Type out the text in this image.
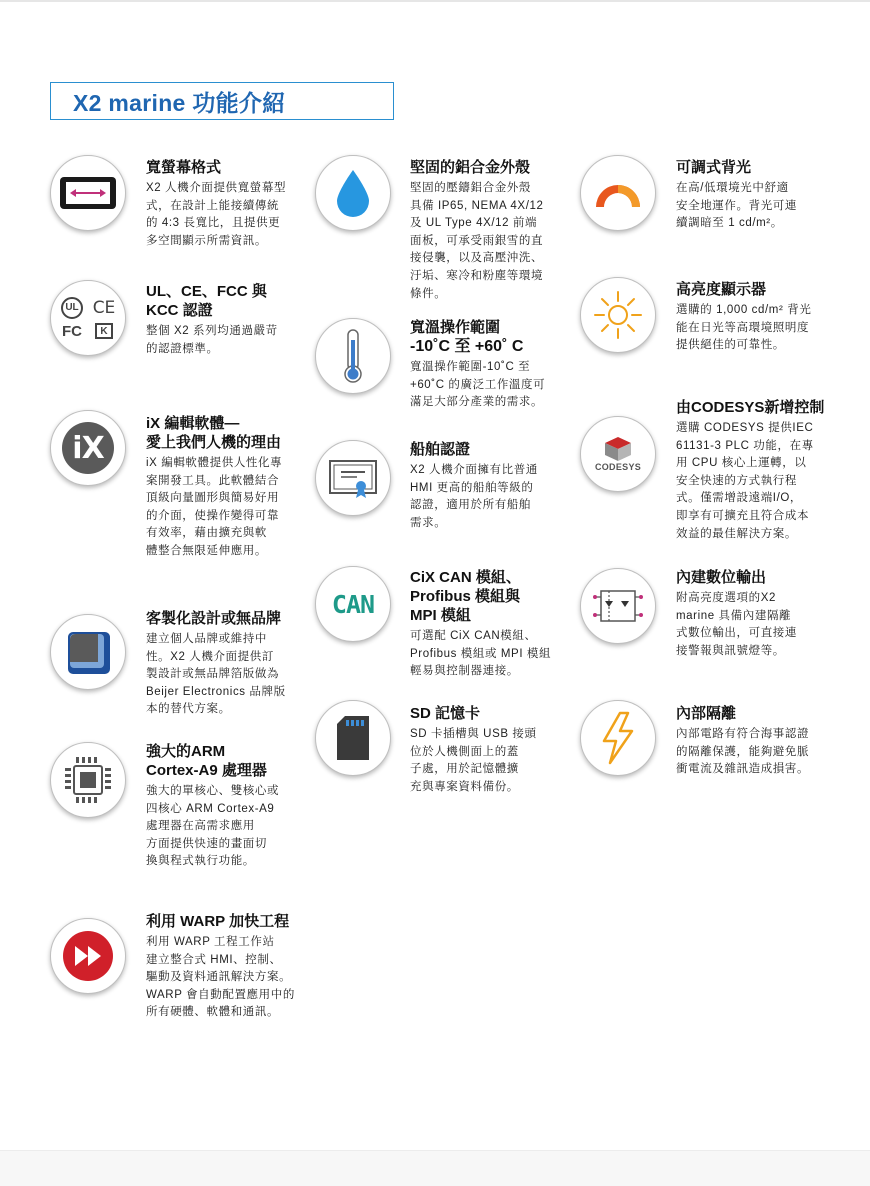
X2 marine 功能介紹
寬螢幕格式
X2 人機介面提供寬螢幕型
式，在設計上能接續傳統
的 4:3 長寬比，且提供更
多空間顯示所需資訊。
UL CE
FC	K
UL、CE、FCC 與
KCC 認證
整個 X2 系列均通過嚴苛
的認證標準。
iX
iX 編輯軟體—
愛上我們人機的理由
iX 編輯軟體提供人性化專
案開發工具。此軟體結合
頂級向量圖形與簡易好用
的介面，使操作變得可靠
有效率，藉由擴充與軟
體整合無限延伸應用。
客製化設計或無品牌
建立個人品牌或維持中
性。X2 人機介面提供訂
製設計或無品牌箔版做為
Beijer Electronics 品牌版
本的替代方案。
強大的ARM
Cortex-A9 處理器
強大的單核心、雙核心或
四核心 ARM Cortex-A9
處理器在高需求應用
方面提供快速的畫面切
換與程式執行功能。
利用 WARP 加快工程
利用 WARP 工程工作站
建立整合式 HMI、控制、
驅動及資料通訊解決方案。
WARP 會自動配置應用中的
所有硬體、軟體和通訊。
堅固的鋁合金外殼
堅固的壓鑄鋁合金外殼
具備 IP65, NEMA 4X/12
及 UL Type 4X/12 前端
面板，可承受雨銀雪的直
接侵襲，以及高壓沖洗、
汙垢、寒冷和粉塵等環境
條件。
寬溫操作範圍
-10˚C 至 +60˚ C
寬溫操作範圍-10˚C 至
+60˚C 的廣泛工作溫度可
滿足大部分產業的需求。
船舶認證
X2 人機介面擁有比普通
HMI 更高的船舶等級的
認證，適用於所有船舶
需求。
CAN
CiX CAN 模組、
Profibus 模組與
MPI 模組
可選配 CiX CAN模組、
Profibus 模組或 MPI 模組
輕易與控制器連接。
SD 記憶卡
SD 卡插槽與 USB 接頭
位於人機側面上的蓋
子處，用於記憶體擴
充與專案資料備份。
可調式背光
在高/低環境光中舒適
安全地運作。背光可連
續調暗至 1 cd/m²。
高亮度顯示器
選購的 1,000 cd/m² 背光
能在日光等高環境照明度
提供絕佳的可靠性。
CODESYS
由CODESYS新增控制
選購 CODESYS 提供IEC
61131-3 PLC 功能，在專
用 CPU 核心上運轉，以
安全快速的方式執行程
式。僅需增設遠端I/O，
即享有可擴充且符合成本
效益的最佳解決方案。
內建數位輸出
附高亮度選項的X2
marine 具備內建隔離
式數位輸出，可直接連
接警報與訊號燈等。
內部隔離
內部電路有符合海事認證
的隔離保護，能夠避免脈
衝電流及雜訊造成損害。
